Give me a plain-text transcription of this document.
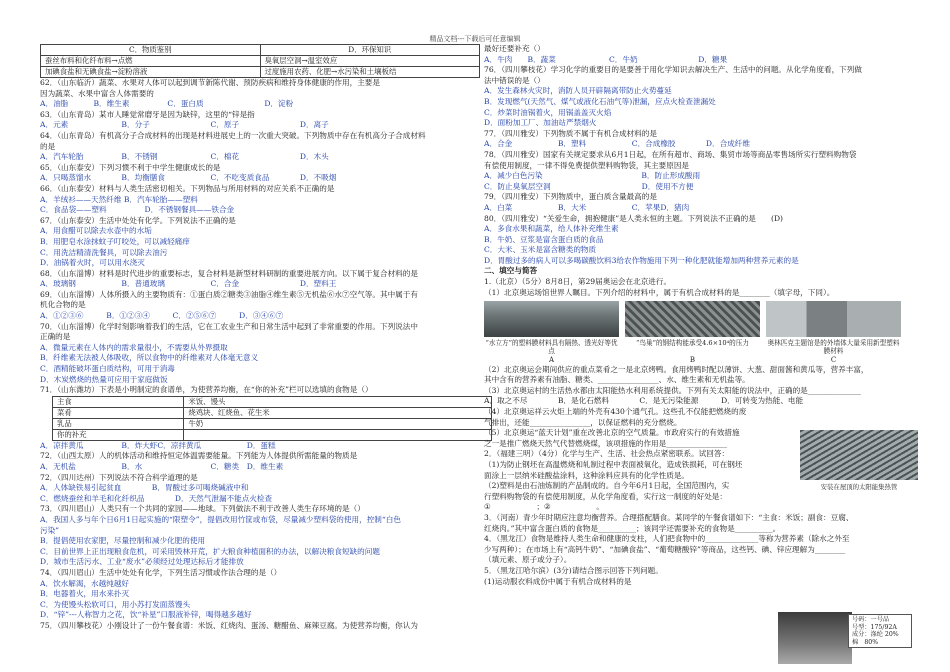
精品文档---下载后可任意编辑
C．物质鉴别	D．环保知识
蚕丝布料和化纤布料→点燃	臭氧层空洞→温室效应
加碘食盐和无碘食盐→淀粉溶液	过度施用农药、化肥→水污染和土壤板结
62．（山东临沂）蔬菜、水果对人体可以起到调节新陈代谢、预防疾病和维持身体健康的作用，主要是
因为蔬菜、水果中富含人体需要的
A．油脂　　　 B．维生素　　　　　C．蛋白质　　　　　　　　D．淀粉
63．（山东青岛）某市人睡觉常磨牙是因为缺锌，这里的“锌是指
A．元素　　　　　　　B．分子　　　　　　　　C．原子　　　　　　　　D．离子
64．（山东青岛）有机高分子合成材料的出现是材料进展史上的一次重大突破。下列物质中存在有机高分子合成材料
的是
A．汽车轮胎　　　　　B．不锈钢　　　　　　　C．棉花　　　　　　　　D．木头
65．（山东泰安）下列习惯不利于中学生健康成长的是
A．只喝蒸馏水　　　　B．均衡膳食　　　　　　C．不吃变质食品　　　　D．不吸烟
66．（山东泰安）材料与人类生活密切相关。下列物品与所用材料的对应关系不正确的是
A．羊绒衫——天然纤维 B．汽车轮胎——塑料
C．食品袋——塑料　　　　　D．不锈钢餐具——铁合金
67．（山东泰安）生活中处处有化学。下列说法不正确的是
A．用食醋可以除去水壶中的水垢
B．用肥皂水涂抹蚊子叮咬处，可以减轻痛痒
C．用洗洁精清洗餐具，可以除去油污
D．油锅着火时，可以用水浇灭
68．（山东淄博）材料是时代进步的重要标志，复合材料是新型材料研制的重要进展方向。以下属于复合材料的是
A．玻璃钢　　　　　　B．普通玻璃　　　　　　C．合金　　　　　　　　D．塑料王
69．（山东淄博）人体所摄入的主要物质有：①蛋白质②糖类③油脂④维生素⑤无机盐⑥水⑦空气等。其中属于有
机化合物的是
A．①②③⑥　　　B．①②③④　　　C．②⑤⑥⑦　　　D．③④⑥⑦
70．（山东淄博）化学时刻影响着我们的生活，它在工农业生产和日常生活中起到了非常重要的作用。下列说法中
正确的是
A．微量元素在人体内的需求量很小，不需要从外界摄取
B．纤维素无法被人体吸收，所以食物中的纤维素对人体毫无意义
C．酒精能破坏蛋白质结构，可用于消毒
D．木炭燃烧的热量可应用于家庭做饭
71．（山东潍坊）下表是小明制定的食谱单，为使营养均衡，在“你的补充”栏可以选填的食物是（）
主食	米饭、馒头
菜肴	烧鸡块、红烧鱼、花生米
乳品	牛奶
你的补充	
A．凉拌黄瓜　　　　　B．炸大虾C．凉拌黄瓜　　　　　　D．蛋糕
72．（山西太原）人的机体活动和维持恒定体温需要能量。下列能为人体提供所需能量的物质是
A．无机盐　　　　　　B．水　　　　　　　　　C．糖类　D．维生素
72．（四川达州）下列说法不符合科学道理的是
A．人体缺铁易引起贫血　　　　B．胃酸过多可喝烧碱液中和
C．燃烧蚕丝和羊毛和化纤织品　　　　D．天然气泄漏不能点火检查
73．（四川眉山）人类只有一个共同的家园——地球。下列做法不利于改善人类生存环境的是（）
A．我国人多与年个日6月1日起实施的“限塑令”，提倡改用竹筐或布袋，尽量减少塑料袋的使用，控制“白色
污染”
B．提倡使用农家肥，尽量控制和减少化肥的使用
C．目前世界上正出现粮食危机，可采用毁林开荒，扩大粮食种植面积的办法，以解决粮食短缺的问题
D．城市生活污水、工业“废水”必须经过处理达标后才能排放
74．（四川眉山）生活中处处有化学，下列生活习惯或作法合理的是（）
A．饮水解渴，水越纯越好
B．电器着火，用水来扑灭
C．为使馒头松软可口，用小苏打发面蒸馒头
D．“锌”---人称智力之花，饮“补星”口服液补锌，喝得越多越好
75．（四川攀枝花）小刚设计了一份午餐食谱：米饭、红烧肉、蛋汤、糖醋鱼、麻辣豆腐。为使营养均衡，你认为
最好还要补充（）
A．牛肉　　B．蔬菜　　　　　　　C．牛奶　　　　　　　　D．糖果
76．（四川攀枝花）学习化学的重要目的是要善于用化学知识去解决生产、生活中的问题。从化学角度看，下列做
法中错误的是（）
A．发生森林火灾时，消防人员开辟隔离带防止火势蔓延
B．发现燃气(天然气、煤气或液化石油气等)泄漏，应点火检查泄漏处
C．炒菜时油锅着火，用锅盖盖灭火焰
D．面粉加工厂、加油站严禁烟火
77．（四川雅安）下列物质不属于有机合成材料的是
A．合金　　　　　　B．塑料　　　　　　C．合成橡胶　　　　D．合成纤维
78．（四川雅安）国家有关规定要求从6月1日起，在所有超市、商场、集贸市场等商品零售场所实行塑料购物袋
有偿使用制度，一律不得免费提供塑料购物袋，其主要原因是
A．减少白色污染　　　　　　　　　　　　　B．防止形成酸雨
C．防止臭氧层空洞　　　　　　　　　　　　D．使用不方便
79．（四川雅安）下列物质中，蛋白质含量最高的是
A．白菜　　　　　　B．大米　　　　　　C．苹果D．猪肉
80．（四川雅安）“关爱生命，拥抱健康”是人类永恒的主题。下列说法不正确的是　　(D)
A．多食水果和蔬菜，给人体补充维生素
B．牛奶、豆浆是富含蛋白质的食品
C．大米、玉米是富含糖类的物质
D．胃酸过多的病人可以多喝碳酸饮料3给农作物施用下列一种化肥就能增加两种营养元素的是
二、填空与简答
1.（北京）（5分）8月8日，第29届奥运会在北京进行。
（1）北京奥运场馆世界人瞩目。下列介绍的材料中，属于有机合成材料的是________（填字母，下同）。
“水立方”的塑料膜材料具有隔热、透光好等优点
“鸟巢”的钢结构能承受4.6×10⁴的压力	奥林匹克主题馆是的外墙体大量采用新型塑料膜材料
A	B	C
（2）北京奥运会期间供应的重点菜肴之一是北京烤鸭。食用烤鸭时配以薄饼、大葱、甜面酱和黄瓜等，营养丰富，
其中含有的营养素有油脂、糖类、________________、水、维生素和无机盐等。
（3）北京奥运村的生活热水都由太阳能热水利用系统提供。下列有关太阳能的说法中，正确的是______________
A．取之不尽　　　　B．是化石燃料　　　　C．是无污染能源　　　D．可转变为热能、电能
（4）北京奥运祥云火炬上端的外壳有430个通气孔。这些孔不仅能把燃烧的废
气排出，还能________________，以保证燃料的充分燃烧。
（5）北京奥运“蓝天计划”重在改善北京的空气质量。市政府实行的有效措施
之一是推广燃烧天然气代替燃烧煤，该项措施的作用是________________
2．（福建三明）（4分）化学与生产、生活、社会热点紧密联系。试回答：
（1)为防止钢坯在高温燃烧和轧制过程中表面被氧化，造成铁损耗，可在钢坯
面涂上一层纳米硅酸盐涂料，这种涂料应具有的化学性质是。
（2)塑料是由石油炼制的产品制成的。自今年6月1日起，全国范围内，实
行塑料购物袋的有偿使用制度，从化学角度看，实行这一制度的好处是：
①　　　　　　；②　　　　　　。
3．（河南）青少年时期应注意均衡营养。合理搭配膳食。某同学的午餐食谱如下：“主食：米饭；副食：豆腐、
红烧肉。”其中富含蛋白质的食物是__________；该同学还需要补充的食物是__________。
4．（黑龙江）食物是维持人类生命和健康的支柱，人们把食物中的______________等称为营养素（除水之外至
少写两种）；在市场上有“高钙牛奶”、“加碘食盐”、“葡萄糖酸锌”等商品，这些钙、碘、锌应理解为________
（填元素、原子或分子）。
5．（黑龙江哈尔滨）(3分)请结合图示回答下列问题。
(1)运动服衣料成份中属于有机合成材料的是
安装在屋顶的太阳能集热管
号码：一号品
号型：175/92A
成分：涤纶 20%
棉　80%
